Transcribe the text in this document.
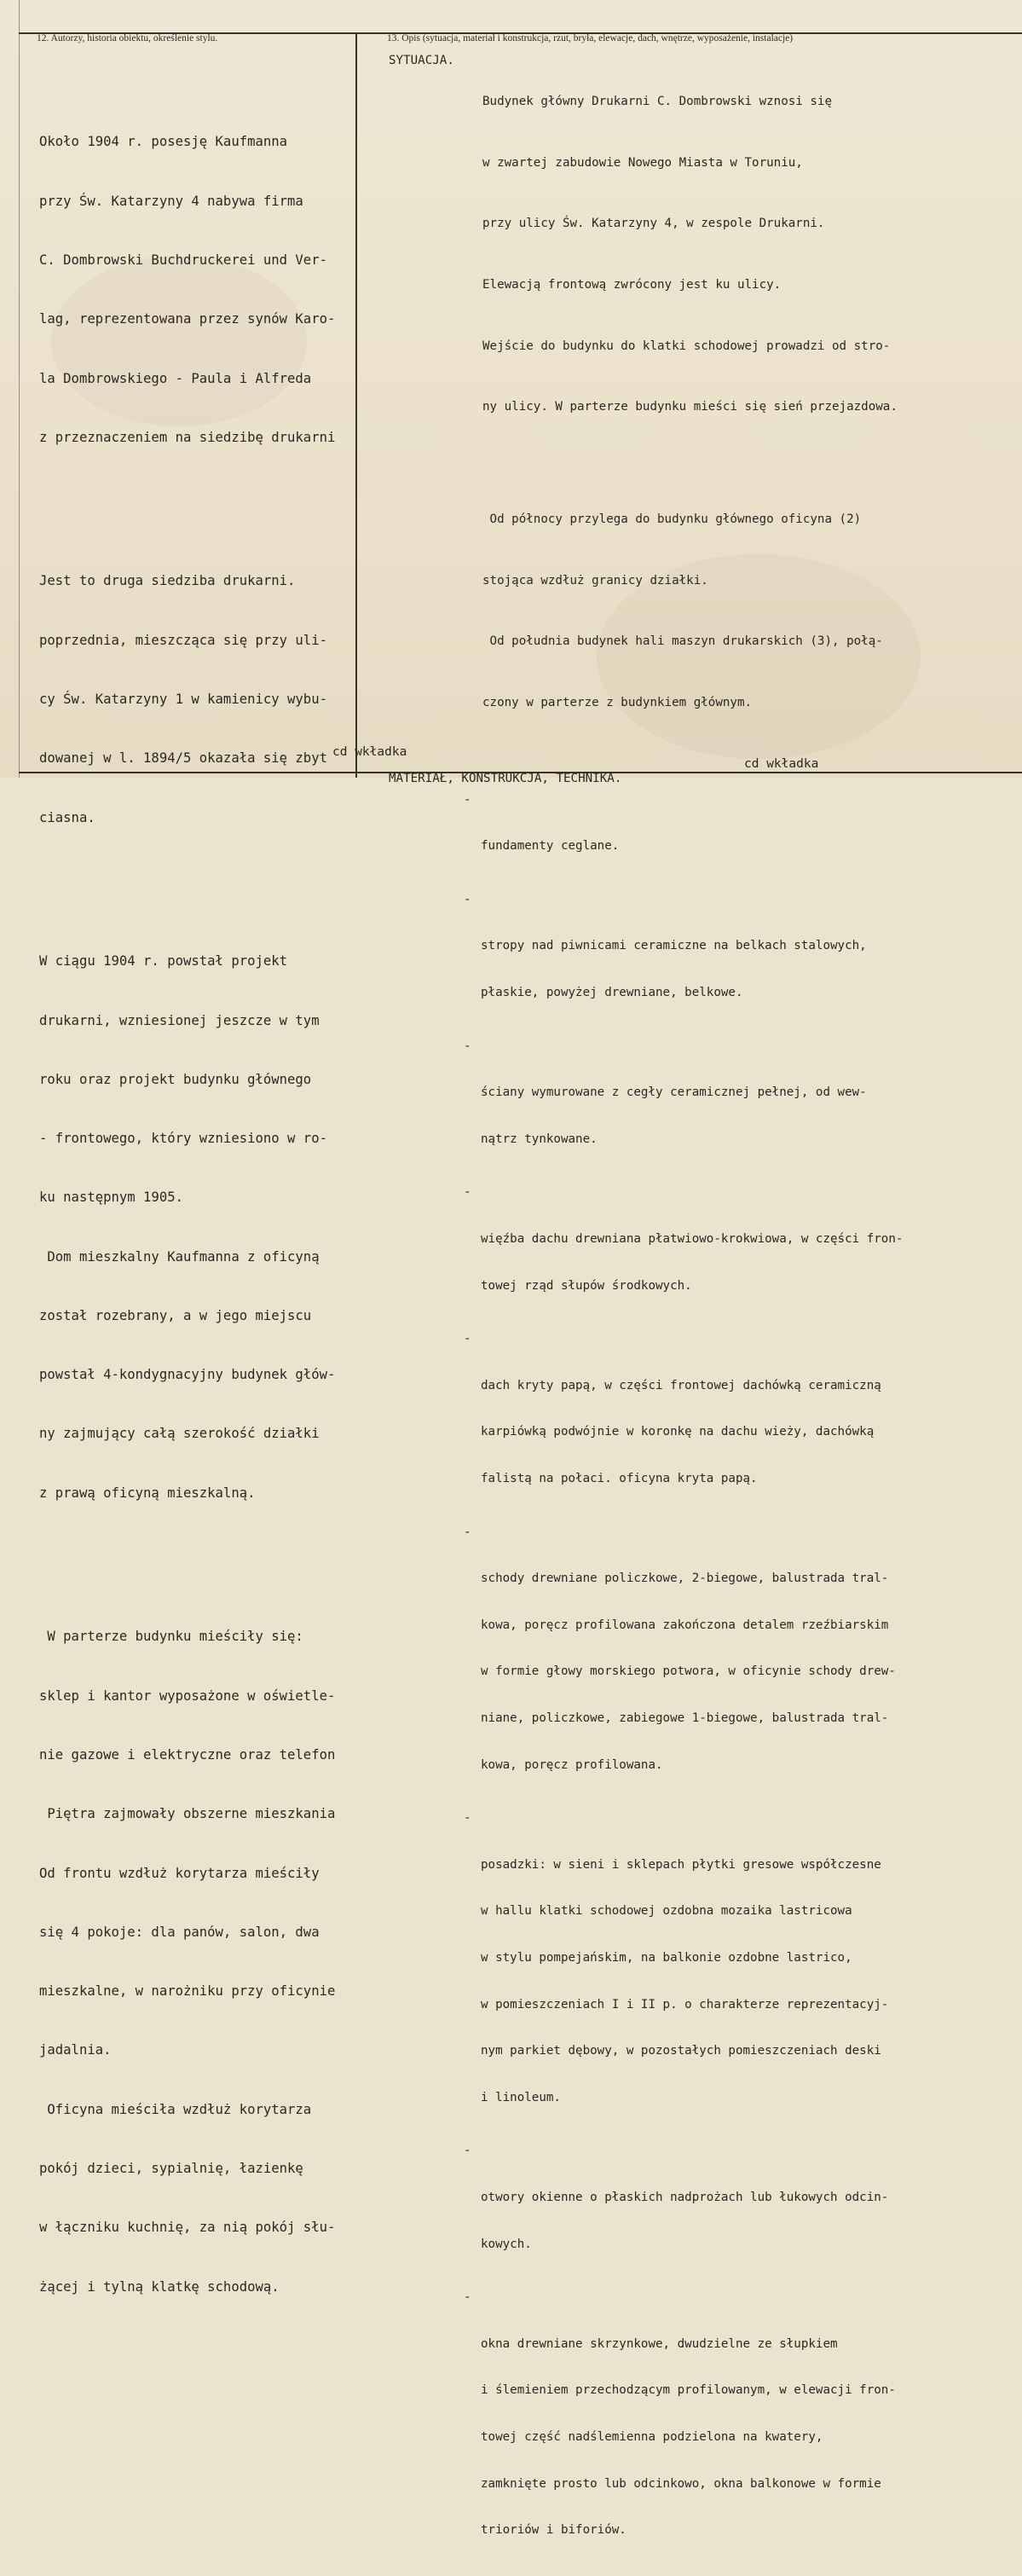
12. Autorzy, historia obiektu, określenie stylu.	13. Opis (sytuacja, materiał i konstrukcja, rzut, bryła, elewacje, dach, wnętrze, wyposażenie, instalacje)

Około 1904 r. posesję Kaufmanna

przy Św. Katarzyny 4 nabywa firma

C. Dombrowski Buchdruckerei und Ver-

lag, reprezentowana przez synów Karo-

la Dombrowskiego - Paula i Alfreda

z przeznaczeniem na siedzibę drukarni

Jest to druga siedziba drukarni.

poprzednia, mieszcząca się przy uli-

cy Św. Katarzyny 1 w kamienicy wybu-

dowanej w l. 1894/5 okazała się zbyt

ciasna.

W ciągu 1904 r. powstał projekt

drukarni, wzniesionej jeszcze w tym

roku oraz projekt budynku głównego

- frontowego, który wzniesiono w ro-

ku następnym 1905.

Dom mieszkalny Kaufmanna z oficyną

został rozebrany, a w jego miejscu

powstał 4-kondygnacyjny budynek głów-

ny zajmujący całą szerokość działki

z prawą oficyną mieszkalną.

W parterze budynku mieściły się:

sklep i kantor wyposażone w oświetle-

nie gazowe i elektryczne oraz telefon

Piętra zajmowały obszerne mieszkania

Od frontu wzdłuż korytarza mieściły

się 4 pokoje: dla panów, salon, dwa

mieszkalne, w narożniku przy oficynie

jadalnia.

Oficyna mieściła wzdłuż korytarza

pokój dzieci, sypialnię, łazienkę

w łączniku kuchnię, za nią pokój słu-

żącej i tylną klatkę schodową.

cd wkładka
SYTUACJA.

Budynek główny Drukarni C. Dombrowski wznosi się

w zwartej zabudowie Nowego Miasta w Toruniu,

przy ulicy Św. Katarzyny 4, w zespole Drukarni.

Elewacją frontową zwrócony jest ku ulicy.

Wejście do budynku do klatki schodowej prowadzi od stro-

ny ulicy. W parterze budynku mieści się sień przejazdowa.

Od północy przylega do budynku głównego oficyna (2)

stojąca wzdłuż granicy działki.

Od południa budynek hali maszyn drukarskich (3), połą-

czony w parterze z budynkiem głównym.

MATERIAŁ, KONSTRUKCJA, TECHNIKA.

-

fundamenty ceglane.

-

stropy nad piwnicami ceramiczne na belkach stalowych,

płaskie, powyżej drewniane, belkowe.

-

ściany wymurowane z cegły ceramicznej pełnej, od wew-

nątrz tynkowane.

-

więźba dachu drewniana płatwiowo-krokwiowa, w części fron-

towej rząd słupów środkowych.

-

dach kryty papą, w części frontowej dachówką ceramiczną

karpiówką podwójnie w koronkę na dachu wieży, dachówką

falistą na połaci. oficyna kryta papą.

-

schody drewniane policzkowe, 2-biegowe, balustrada tral-

kowa, poręcz profilowana zakończona detalem rzeźbiarskim

w formie głowy morskiego potwora, w oficynie schody drew-

niane, policzkowe, zabiegowe 1-biegowe, balustrada tral-

kowa, poręcz profilowana.

-

posadzki: w sieni i sklepach płytki gresowe współczesne

w hallu klatki schodowej ozdobna mozaika lastricowa

w stylu pompejańskim, na balkonie ozdobne lastrico,

w pomieszczeniach I i II p. o charakterze reprezentacyj-

nym parkiet dębowy, w pozostałych pomieszczeniach deski

i linoleum.

-

otwory okienne o płaskich nadprożach lub łukowych odcin-

kowych.

-

okna drewniane skrzynkowe, dwudzielne ze słupkiem

i ślemieniem przechodzącym profilowanym, w elewacji fron-

towej część nadślemienna podzielona na kwatery,

zamknięte prosto lub odcinkowo, okna balkonowe w formie

trioriów i biforiów.

cd wkładka
